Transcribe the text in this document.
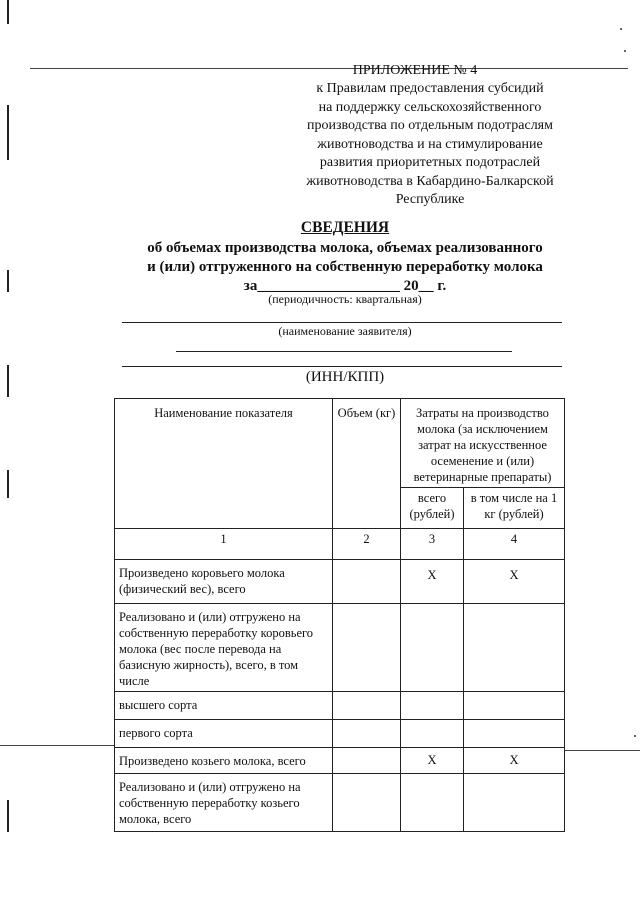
ПРИЛОЖЕНИЕ № 4
к Правилам предоставления субсидий
на поддержку сельскохозяйственного
производства по отдельным подотраслям
животноводства и на стимулирование
развития приоритетных подотраслей
животноводства в Кабардино-Балкарской
Республике
СВЕДЕНИЯ
об объемах производства молока, объемах реализованного
и (или) отгруженного на собственную переработку молока
за___________________ 20__ г.
(периодичность: квартальная)
(наименование заявителя)
(ИНН/КПП)
Наименование показателя	Объем (кг)	Затраты на производство молока (за исключением затрат на искусственное осеменение и (или) ветеринарные препараты)	
		всего (рублей)	в том числе на 1 кг (рублей)
1	2	3	4
Произведено коровьего молока (физический вес), всего		Х	Х
Реализовано и (или) отгружено на собственную переработку коровьего молока (вес после перевода на базисную жирность), всего, в том числе			
высшего сорта			
первого сорта			
Произведено козьего молока, всего		Х	Х
Реализовано и (или) отгружено на собственную переработку козьего молока, всего			
